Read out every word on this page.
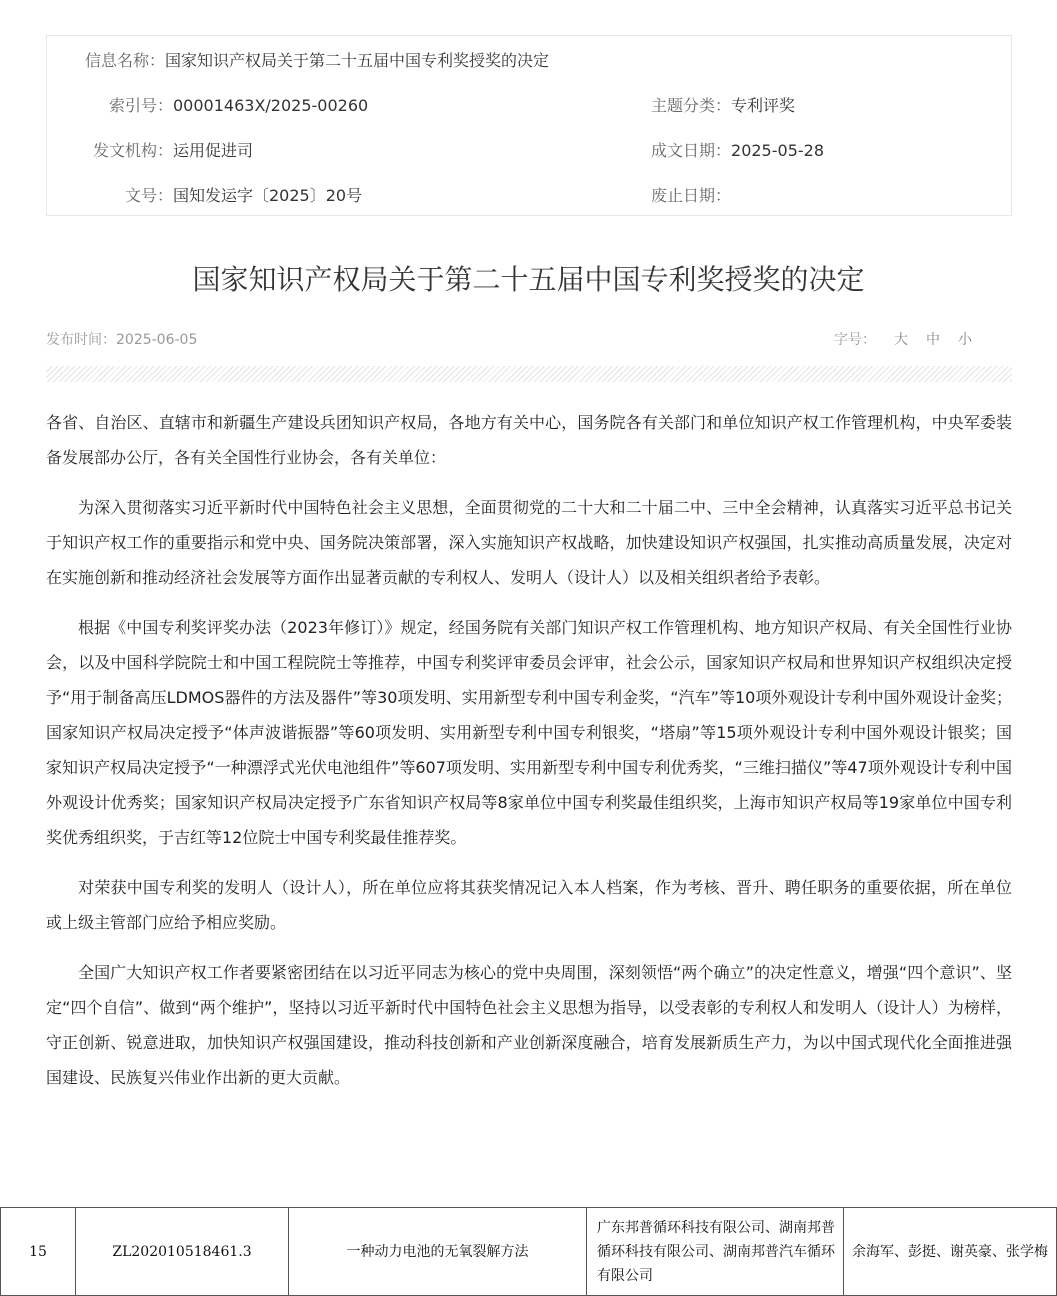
信息名称：国家知识产权局关于第二十五届中国专利奖授奖的决定
索引号：00001463X/2025-00260	主题分类：专利评奖
发文机构：运用促进司	成文日期：2025-05-28
文号：国知发运字〔2025〕20号	废止日期：
国家知识产权局关于第二十五届中国专利奖授奖的决定
发布时间：2025-06-05	字号： 大 中 小

各省、自治区、直辖市和新疆生产建设兵团知识产权局，各地方有关中心，国务院各有关部门和单位知识产权工作管理机构，中央军委装备发展部办公厅，各有关全国性行业协会，各有关单位：

为深入贯彻落实习近平新时代中国特色社会主义思想，全面贯彻党的二十大和二十届二中、三中全会精神，认真落实习近平总书记关于知识产权工作的重要指示和党中央、国务院决策部署，深入实施知识产权战略，加快建设知识产权强国，扎实推动高质量发展，决定对在实施创新和推动经济社会发展等方面作出显著贡献的专利权人、发明人（设计人）以及相关组织者给予表彰。

根据《中国专利奖评奖办法（2023年修订）》规定，经国务院有关部门知识产权工作管理机构、地方知识产权局、有关全国性行业协会，以及中国科学院院士和中国工程院院士等推荐，中国专利奖评审委员会评审，社会公示，国家知识产权局和世界知识产权组织决定授予“用于制备高压LDMOS器件的方法及器件”等30项发明、实用新型专利中国专利金奖，“汽车”等10项外观设计专利中国外观设计金奖；国家知识产权局决定授予“体声波谐振器”等60项发明、实用新型专利中国专利银奖，“塔扇”等15项外观设计专利中国外观设计银奖；国家知识产权局决定授予“一种漂浮式光伏电池组件”等607项发明、实用新型专利中国专利优秀奖，“三维扫描仪”等47项外观设计专利中国外观设计优秀奖；国家知识产权局决定授予广东省知识产权局等8家单位中国专利奖最佳组织奖，上海市知识产权局等19家单位中国专利奖优秀组织奖，于吉红等12位院士中国专利奖最佳推荐奖。

对荣获中国专利奖的发明人（设计人），所在单位应将其获奖情况记入本人档案，作为考核、晋升、聘任职务的重要依据，所在单位或上级主管部门应给予相应奖励。

全国广大知识产权工作者要紧密团结在以习近平同志为核心的党中央周围，深刻领悟“两个确立”的决定性意义，增强“四个意识”、坚定“四个自信”、做到“两个维护”，坚持以习近平新时代中国特色社会主义思想为指导，以受表彰的专利权人和发明人（设计人）为榜样，守正创新、锐意进取，加快知识产权强国建设，推动科技创新和产业创新深度融合，培育发展新质生产力，为以中国式现代化全面推进强国建设、民族复兴伟业作出新的更大贡献。

15	ZL202010518461.3	一种动力电池的无氧裂解方法	广东邦普循环科技有限公司、湖南邦普循环科技有限公司、湖南邦普汽车循环有限公司	余海军、彭挺、谢英豪、张学梅
